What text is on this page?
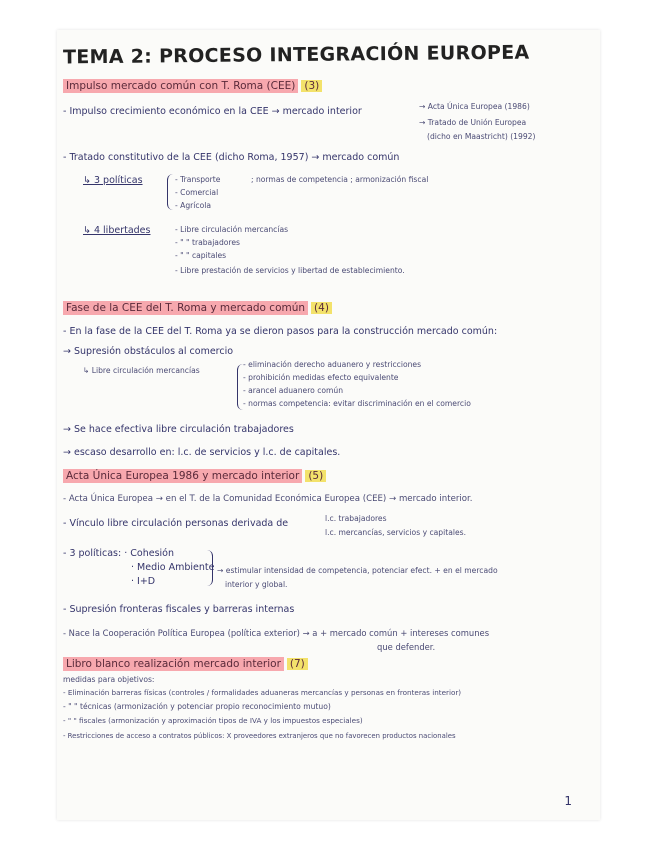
TEMA 2: PROCESO INTEGRACIÓN EUROPEA
Impulso mercado común con T. Roma (CEE) (3)
- Impulso crecimiento económico en la CEE → mercado interior	→ Acta Única Europea (1986)
→ Tratado de Unión Europea
(dicho en Maastricht) (1992)
- Tratado constitutivo de la CEE (dicho Roma, 1957) → mercado común
↳ 3 políticas	- Transporte
- Comercial
- Agrícola
; normas de competencia ; armonización fiscal
↳ 4 libertades	- Libre circulación mercancías
- " " trabajadores
- " " capitales
- Libre prestación de servicios y libertad de establecimiento.
Fase de la CEE del T. Roma y mercado común (4)
- En la fase de la CEE del T. Roma ya se dieron pasos para la construcción mercado común:
→ Supresión obstáculos al comercio
↳ Libre circulación mercancías
- eliminación derecho aduanero y restricciones
- prohibición medidas efecto equivalente
- arancel aduanero común
- normas competencia: evitar discriminación en el comercio
→ Se hace efectiva libre circulación trabajadores
→ escaso desarrollo en: l.c. de servicios y l.c. de capitales.
Acta Única Europea 1986 y mercado interior (5)
- Acta Única Europea → en el T. de la Comunidad Económica Europea (CEE) → mercado interior.
- Vínculo libre circulación personas derivada de	l.c. trabajadores
l.c. mercancías, servicios y capitales.
- 3 políticas: · Cohesión
· Medio Ambiente
· I+D
→ estimular intensidad de competencia, potenciar efect. + en el mercado
interior y global.
- Supresión fronteras fiscales y barreras internas
- Nace la Cooperación Política Europea (política exterior) → a + mercado común + intereses comunes
que defender.
Libro blanco realización mercado interior (7)
medidas para objetivos:
- Eliminación barreras físicas (controles / formalidades aduaneras mercancías y personas en fronteras interior)
- " " técnicas (armonización y potenciar propio reconocimiento mutuo)
- " " fiscales (armonización y aproximación tipos de IVA y los impuestos especiales)
- Restricciones de acceso a contratos públicos: X proveedores extranjeros que no favorecen productos nacionales
1
